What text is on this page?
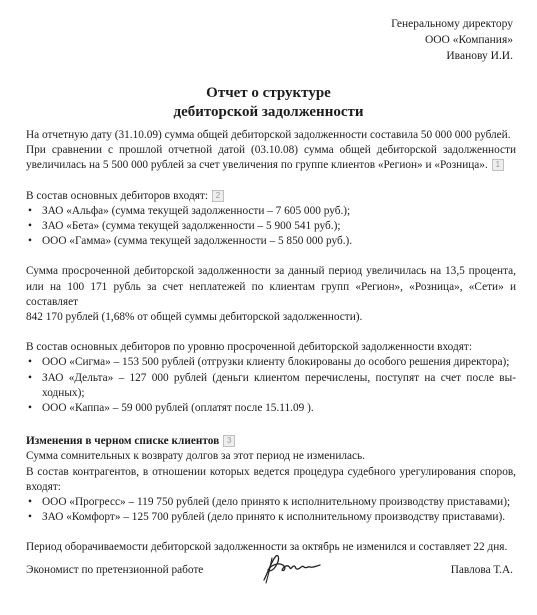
Генеральному директору
ООО «Компания»
Иванову И.И.
Отчет о структуре
дебиторской задолженности

На отчетную дату (31.10.09) сумма общей дебиторской задолженности составила 50 000 000 рублей.

При сравнении с прошлой отчетной датой (03.10.08) сумма общей дебиторской задолженности
увеличилась на 5 500 000 рублей за счет увеличения по группе клиентов «Регион» и «Розница». 1

В состав основных дебиторов входят: 2

• ЗАО «Альфа» (сумма текущей задолженности – 7 605 000 руб.);
• ЗАО «Бета» (сумма текущей задолженности – 5 900 541 руб.);
• ООО «Гамма» (сумма текущей задолженности – 5 850 000 руб.).

Сумма просроченной дебиторской задолженности за данный период увеличилась на 13,5 процента,
или на 100 171 рубль за счет неплатежей по клиентам групп «Регион», «Розница», «Сети» и составляет
842 170 рублей (1,68% от общей суммы дебиторской задолженности).

В состав основных дебиторов по уровню просроченной дебиторской задолженности входят:

• ООО «Сигма» – 153 500 рублей (отгрузки клиенту блокированы до особого решения директора);
• ЗАО «Дельта» – 127 000 рублей (деньги клиентом перечислены, поступят на счет после вы-
ходных);
• ООО «Каппа» – 59 000 рублей (оплатят после 15.11.09 ).

Изменения в черном списке клиентов 3

Сумма сомнительных к возврату долгов за этот период не изменилась.

В состав контрагентов, в отношении которых ведется процедура судебного урегулирования споров,
входят:

• ООО «Прогресс» – 119 750 рублей (дело принято к исполнительному производству приставами);
• ЗАО «Комфорт» – 125 700 рублей (дело принято к исполнительному производству приставами).

Период оборачиваемости дебиторской задолженности за октябрь не изменился и составляет 22 дня.

Экономист по претензионной работе	Павлова Т.А.
